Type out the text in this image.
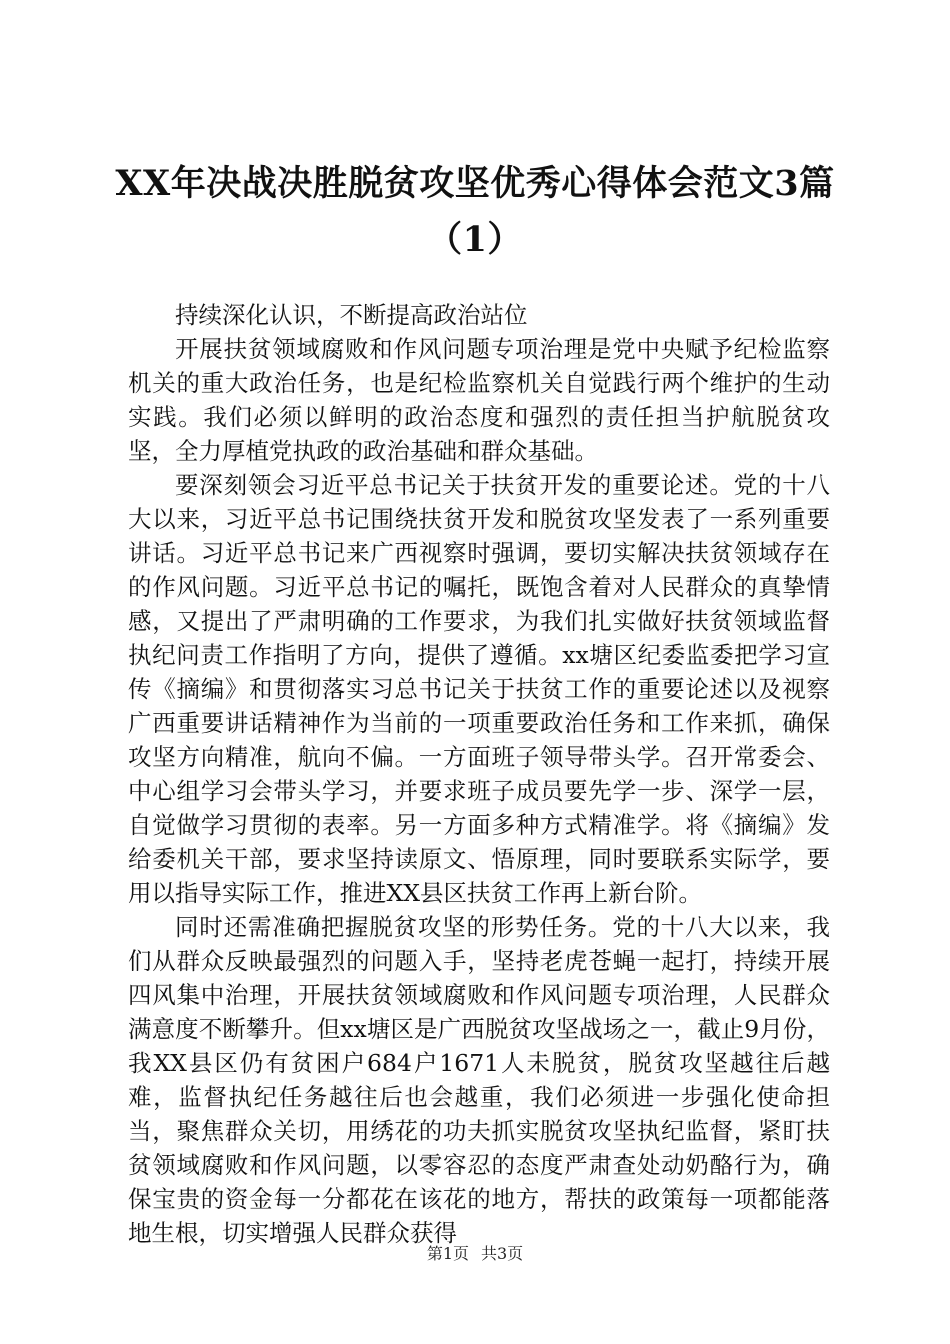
XX年决战决胜脱贫攻坚优秀心得体会范文3篇
（1）

持续深化认识，不断提高政治站位

开展扶贫领域腐败和作风问题专项治理是党中央赋予纪检监察机关的重大政治任务，也是纪检监察机关自觉践行两个维护的生动实践。我们必须以鲜明的政治态度和强烈的责任担当护航脱贫攻坚，全力厚植党执政的政治基础和群众基础。

要深刻领会习近平总书记关于扶贫开发的重要论述。党的十八大以来，习近平总书记围绕扶贫开发和脱贫攻坚发表了一系列重要讲话。习近平总书记来广西视察时强调，要切实解决扶贫领域存在的作风问题。习近平总书记的嘱托，既饱含着对人民群众的真挚情感，又提出了严肃明确的工作要求，为我们扎实做好扶贫领域监督执纪问责工作指明了方向，提供了遵循。xx塘区纪委监委把学习宣传《摘编》和贯彻落实习总书记关于扶贫工作的重要论述以及视察广西重要讲话精神作为当前的一项重要政治任务和工作来抓，确保攻坚方向精准，航向不偏。一方面班子领导带头学。召开常委会、中心组学习会带头学习，并要求班子成员要先学一步、深学一层，自觉做学习贯彻的表率。另一方面多种方式精准学。将《摘编》发给委机关干部，要求坚持读原文、悟原理，同时要联系实际学，要用以指导实际工作，推进XX县区扶贫工作再上新台阶。

同时还需准确把握脱贫攻坚的形势任务。党的十八大以来，我们从群众反映最强烈的问题入手，坚持老虎苍蝇一起打，持续开展四风集中治理，开展扶贫领域腐败和作风问题专项治理，人民群众满意度不断攀升。但xx塘区是广西脱贫攻坚战场之一，截止9月份，我XX县区仍有贫困户684户1671人未脱贫，脱贫攻坚越往后越难，监督执纪任务越往后也会越重，我们必须进一步强化使命担当，聚焦群众关切，用绣花的功夫抓实脱贫攻坚执纪监督，紧盯扶贫领域腐败和作风问题，以零容忍的态度严肃查处动奶酪行为，确保宝贵的资金每一分都花在该花的地方，帮扶的政策每一项都能落地生根，切实增强人民群众获得

第1页 共3页
